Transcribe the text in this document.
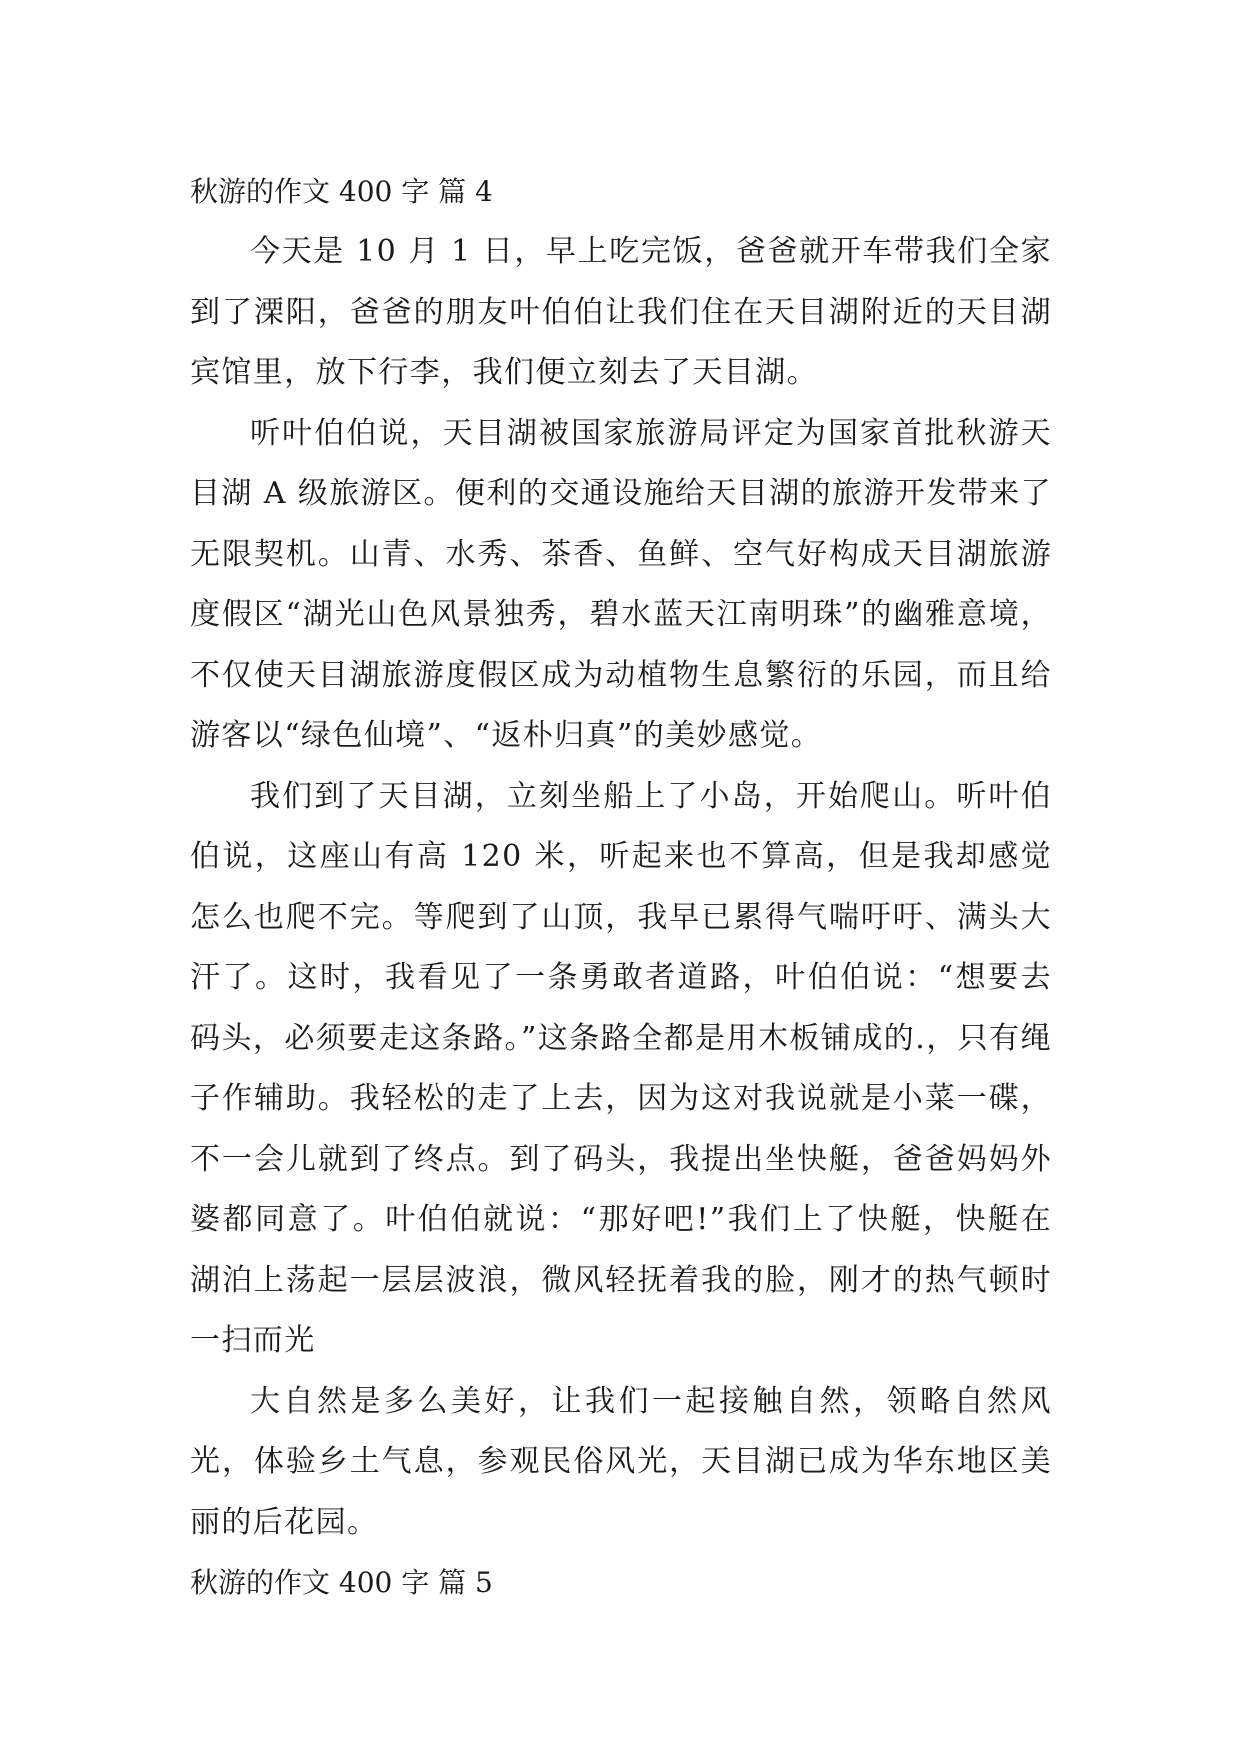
秋游的作文 400 字 篇 4

今天是 10 月 1 日，早上吃完饭，爸爸就开车带我们全家到了溧阳，爸爸的朋友叶伯伯让我们住在天目湖附近的天目湖宾馆里，放下行李，我们便立刻去了天目湖。

听叶伯伯说，天目湖被国家旅游局评定为国家首批秋游天目湖 A 级旅游区。便利的交通设施给天目湖的旅游开发带来了无限契机。山青、水秀、茶香、鱼鲜、空气好构成天目湖旅游度假区“湖光山色风景独秀，碧水蓝天江南明珠”的幽雅意境，不仅使天目湖旅游度假区成为动植物生息繁衍的乐园，而且给游客以“绿色仙境”、“返朴归真”的美妙感觉。

我们到了天目湖，立刻坐船上了小岛，开始爬山。听叶伯伯说，这座山有高 120 米，听起来也不算高，但是我却感觉怎么也爬不完。等爬到了山顶，我早已累得气喘吁吁、满头大汗了。这时，我看见了一条勇敢者道路，叶伯伯说：“想要去码头，必须要走这条路。”这条路全都是用木板铺成的.，只有绳子作辅助。我轻松的走了上去，因为这对我说就是小菜一碟，不一会儿就到了终点。到了码头，我提出坐快艇，爸爸妈妈外婆都同意了。叶伯伯就说：“那好吧!”我们上了快艇，快艇在湖泊上荡起一层层波浪，微风轻抚着我的脸，刚才的热气顿时一扫而光

大自然是多么美好，让我们一起接触自然，领略自然风光，体验乡土气息，参观民俗风光，天目湖已成为华东地区美丽的后花园。

秋游的作文 400 字 篇 5
